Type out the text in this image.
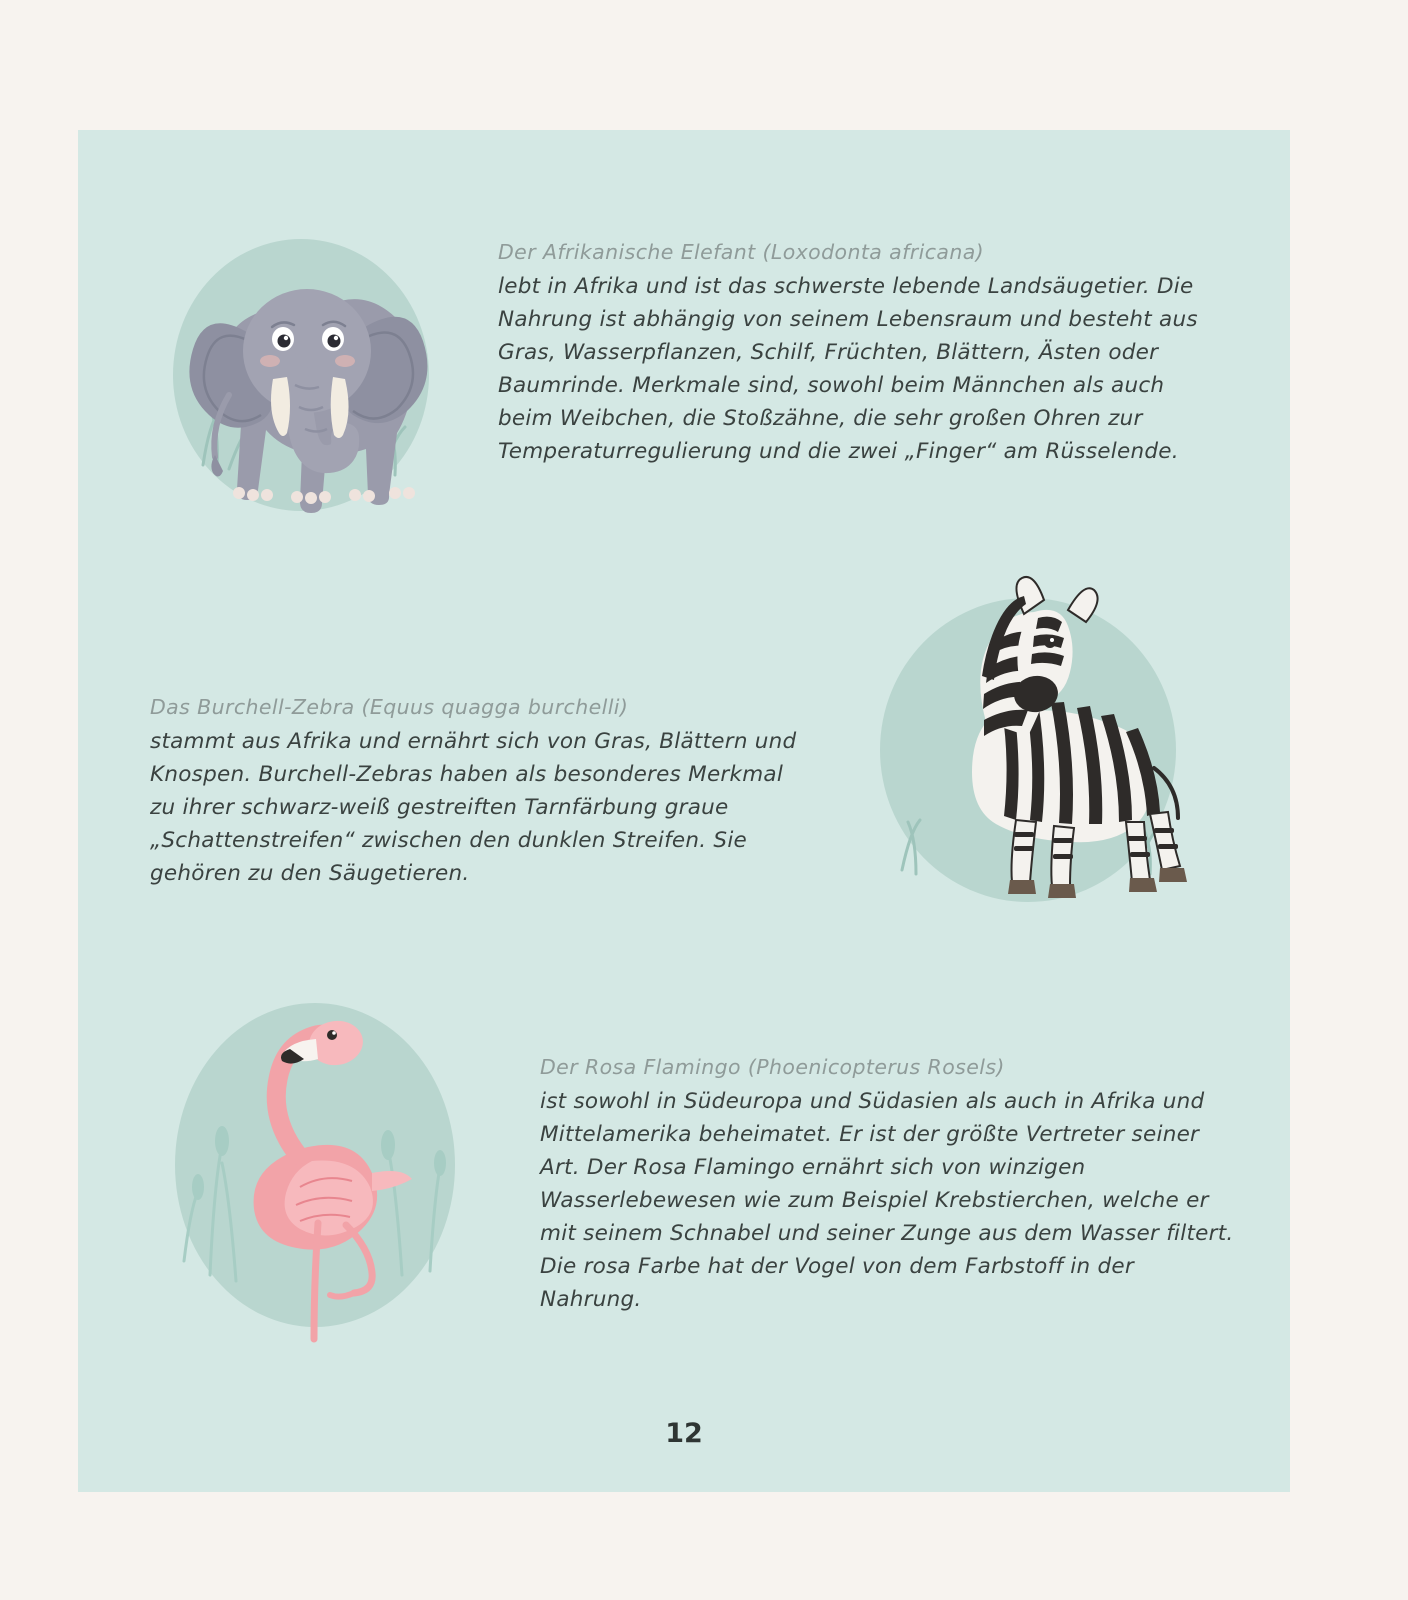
Der Afrikanische Elefant (Loxodonta africana)

lebt in Afrika und ist das schwerste lebende Landsäugetier. Die Nahrung ist abhängig von seinem Lebensraum und besteht aus Gras, Wasserpflanzen, Schilf, Früchten, Blättern, Ästen oder Baumrinde. Merkmale sind, sowohl beim Männchen als auch beim Weibchen, die Stoßzähne, die sehr großen Ohren zur Temperaturregulierung und die zwei „Finger“ am Rüsselende.

Das Burchell-Zebra (Equus quagga burchelli)

stammt aus Afrika und ernährt sich von Gras, Blättern und Knospen. Burchell-Zebras haben als besonderes Merkmal zu ihrer schwarz-weiß gestreiften Tarnfärbung graue „Schattenstreifen“ zwischen den dunklen Streifen. Sie gehören zu den Säugetieren.

Der Rosa Flamingo (Phoenicopterus Rosels)

ist sowohl in Südeuropa und Südasien als auch in Afrika und Mittelamerika beheimatet. Er ist der größte Vertreter seiner Art. Der Rosa Flamingo ernährt sich von winzigen Wasserlebewesen wie zum Beispiel Krebstierchen, welche er mit seinem Schnabel und seiner Zunge aus dem Wasser filtert. Die rosa Farbe hat der Vogel von dem Farbstoff in der Nahrung.

12
